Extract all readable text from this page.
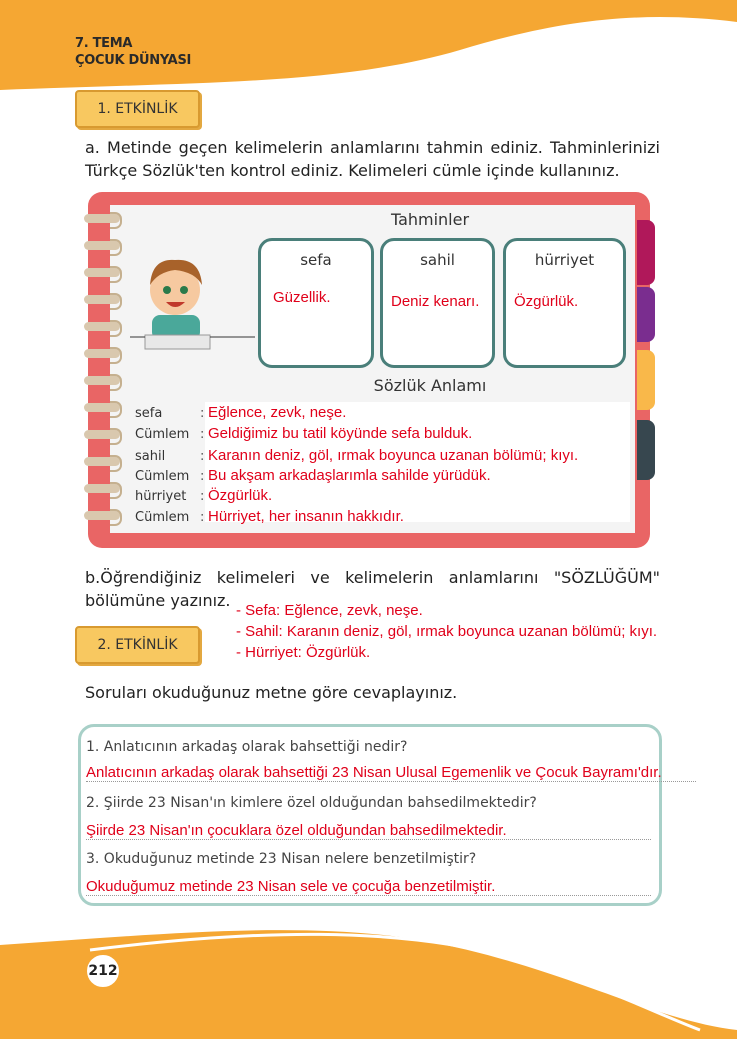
7. TEMA
ÇOCUK DÜNYASI
1. ETKİNLİK
a. Metinde geçen kelimelerin anlamlarını tahmin ediniz. Tahminlerinizi Türkçe Sözlük'ten kontrol ediniz. Kelimeleri cümle içinde kullanınız.
Tahminler
sefa
Güzellik.
sahil
Deniz kenarı.
hürriyet
Özgürlük.
Sözlük Anlamı
sefa	: Eğlence, zevk, neşe.
Cümlem : Geldiğimiz bu tatil köyünde sefa bulduk.
sahil	: Karanın deniz, göl, ırmak boyunca uzanan bölümü; kıyı.
Cümlem : Bu akşam arkadaşlarımla sahilde yürüdük.
hürriyet : Özgürlük.
Cümlem : Hürriyet, her insanın hakkıdır.
b.Öğrendiğiniz kelimeleri ve kelimelerin anlamlarını "SÖZLÜĞÜM" bölümüne yazınız.
- Sefa: Eğlence, zevk, neşe.
- Sahil: Karanın deniz, göl, ırmak boyunca uzanan bölümü; kıyı.
- Hürriyet: Özgürlük.
2. ETKİNLİK
Soruları okuduğunuz metne göre cevaplayınız.
1. Anlatıcının arkadaş olarak bahsettiği nedir?
Anlatıcının arkadaş olarak bahsettiği 23 Nisan Ulusal Egemenlik ve Çocuk Bayramı'dır.
2. Şiirde 23 Nisan'ın kimlere özel olduğundan bahsedilmektedir?
Şiirde 23 Nisan'ın çocuklara özel olduğundan bahsedilmektedir.
3. Okuduğunuz metinde 23 Nisan nelere benzetilmiştir?
Okuduğumuz metinde 23 Nisan sele ve çocuğa benzetilmiştir.
212
